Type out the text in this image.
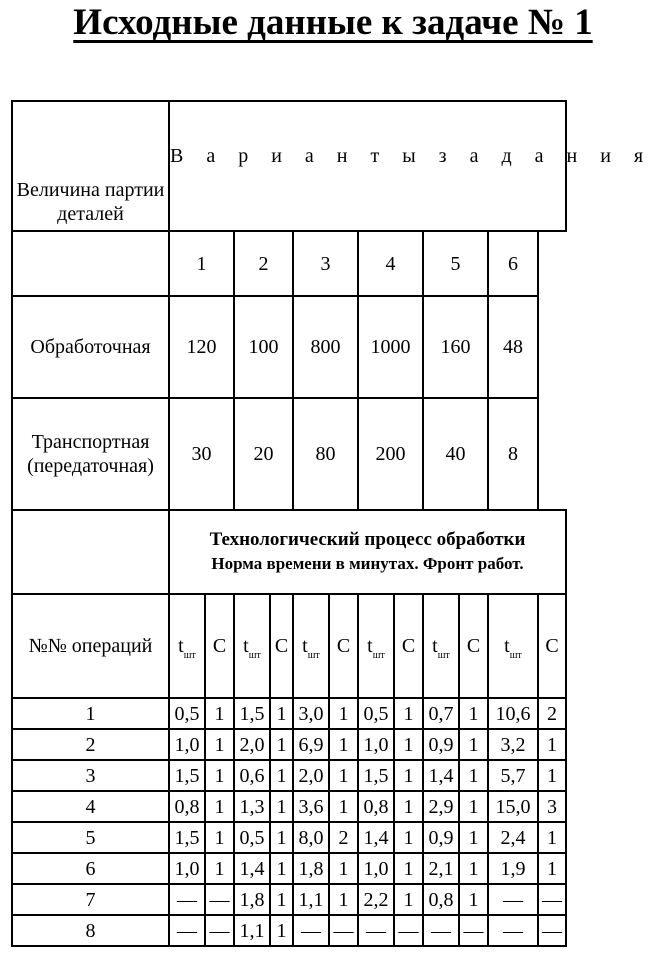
Исходные данные к задаче № 1
Величина партии деталей	В а р и а н т ы з а д а н и я											
	1		2		3		4		5		6	
Обработочная	120		100		800		1000		160		48	
Транспортная (передаточная)	30		20		80		200		40		8	

	Технологический процесс обработки
Норма времени в минутах. Фронт работ.											

№№ операций	$t_{шт}$	С	$t_{шт}$	С	$t_{шт}$	С	$t_{шт}$	С	$t_{шт}$	С	$t_{шт}$	С
1	0,5	1	1,5	1	3,0	1	0,5	1	0,7	1	10,6	2
2	1,0	1	2,0	1	6,9	1	1,0	1	0,9	1	3,2	1
3	1,5	1	0,6	1	2,0	1	1,5	1	1,4	1	5,7	1
4	0,8	1	1,3	1	3,6	1	0,8	1	2,9	1	15,0	3
5	1,5	1	0,5	1	8,0	2	1,4	1	0,9	1	2,4	1
6	1,0	1	1,4	1	1,8	1	1,0	1	2,1	1	1,9	1
7	—	—	1,8	1	1,1	1	2,2	1	0,8	1	—	—
8	—	—	1,1	1	—	—	—	—	—	—	—	—
